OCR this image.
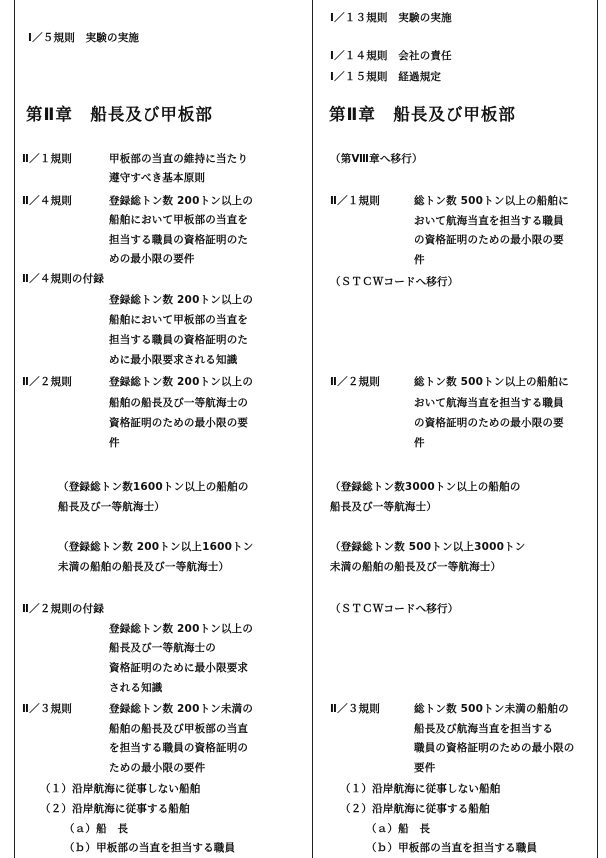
I／５規則　実験の実施
第Ⅱ章　船長及び甲板部
Ⅱ／１規則	甲板部の当直の維持に当たり
遵守すべき基本原則
Ⅱ／４規則	登録総トン数 200トン以上の
船舶において甲板部の当直を
担当する職員の資格証明のた
めの最小限の要件
Ⅱ／４規則の付録
登録総トン数 200トン以上の
船舶において甲板部の当直を
担当する職員の資格証明のた
めに最小限要求される知識
Ⅱ／２規則	登録総トン数 200トン以上の
船舶の船長及び一等航海士の
資格証明のための最小限の要
件
（登録総トン数1600トン以上の船舶の
船長及び一等航海士）
（登録総トン数 200トン以上1600トン
未満の船舶の船長及び一等航海士）
Ⅱ／２規則の付録
登録総トン数 200トン以上の
船長及び一等航海士の
資格証明のために最小限要求
される知識
Ⅱ／３規則	登録総トン数 200トン未満の
船舶の船長及び甲板部の当直
を担当する職員の資格証明の
ための最小限の要件
（１）沿岸航海に従事しない船舶
（２）沿岸航海に従事する船舶
（ａ）船　長
（ｂ）甲板部の当直を担当する職員
I／１３規則　実験の実施
I／１４規則　会社の責任
I／１５規則　経過規定
第Ⅱ章　船長及び甲板部
（第Ⅷ章へ移行）
Ⅱ／１規則	総トン数 500トン以上の船舶に
おいて航海当直を担当する職員
の資格証明のための最小限の要
件
（ＳＴＣＷコードへ移行）
Ⅱ／２規則	総トン数 500トン以上の船舶に
おいて航海当直を担当する職員
の資格証明のための最小限の要
件
（登録総トン数3000トン以上の船舶の
船長及び一等航海士）
（登録総トン数 500トン以上3000トン
未満の船舶の船長及び一等航海士）
（ＳＴＣＷコードへ移行）
Ⅱ／３規則	総トン数 500トン未満の船舶の
船長及び航海当直を担当する
職員の資格証明のための最小限の
要件
（１）沿岸航海に従事しない船舶
（２）沿岸航海に従事する船舶
（ａ）船　長
（ｂ）甲板部の当直を担当する職員
